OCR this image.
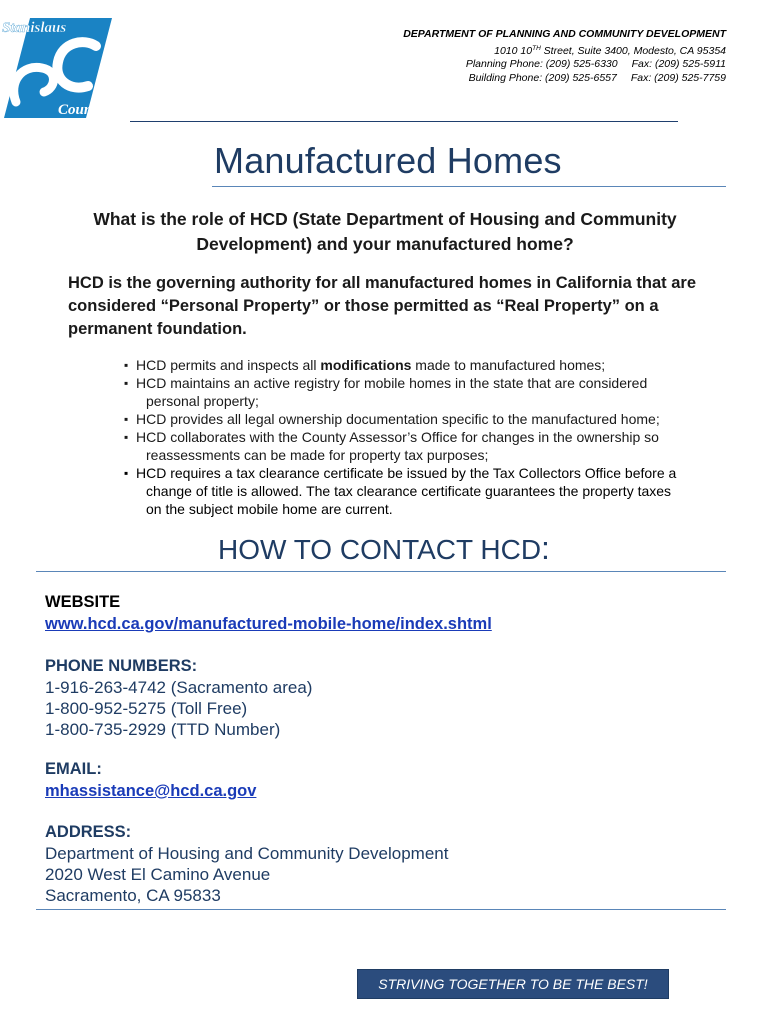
Stanislaus
County
DEPARTMENT OF PLANNING AND COMMUNITY DEVELOPMENT
1010 10TH Street, Suite 3400, Modesto, CA 95354
Planning Phone: (209) 525-6330 Fax: (209) 525-5911
Building Phone: (209) 525-6557 Fax: (209) 525-7759
Manufactured Homes
What is the role of HCD (State Department of Housing and Community Development) and your manufactured home?
HCD is the governing authority for all manufactured homes in California that are considered “Personal Property” or those permitted as “Real Property” on a permanent foundation.
▪ HCD permits and inspects all modifications made to manufactured homes;
▪ HCD maintains an active registry for mobile homes in the state that are considered
personal property;
▪ HCD provides all legal ownership documentation specific to the manufactured home;
▪ HCD collaborates with the County Assessor’s Office for changes in the ownership so
reassessments can be made for property tax purposes;
▪ HCD requires a tax clearance certificate be issued by the Tax Collectors Office before a
change of title is allowed. The tax clearance certificate guarantees the property taxes
on the subject mobile home are current.
HOW TO CONTACT HCD:
WEBSITE
www.hcd.ca.gov/manufactured-mobile-home/index.shtml
PHONE NUMBERS:
1-916-263-4742 (Sacramento area)
1-800-952-5275 (Toll Free)
1-800-735-2929 (TTD Number)
EMAIL:
mhassistance@hcd.ca.gov
ADDRESS:
Department of Housing and Community Development
2020 West El Camino Avenue
Sacramento, CA 95833
STRIVING TOGETHER TO BE THE BEST!
